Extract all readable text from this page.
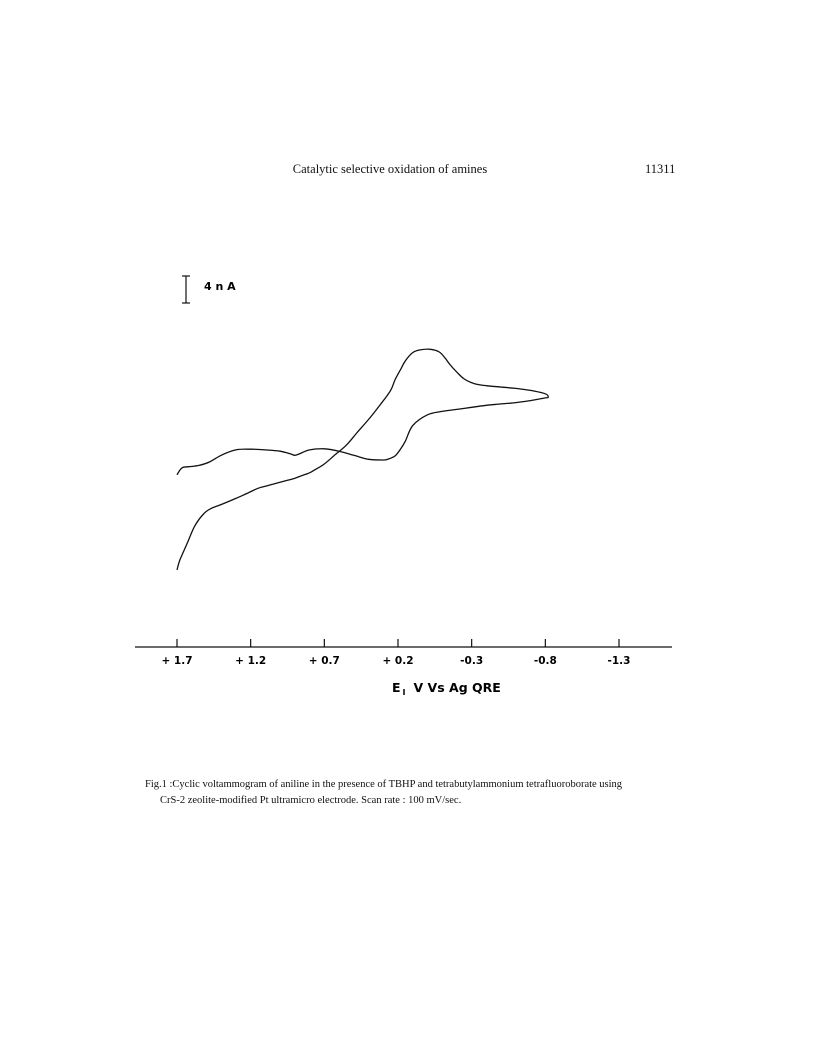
Catalytic selective oxidation of amines	11311
4 n A
+ 1.7	+ 1.2	+ 0.7	+ 0.2	-0.3	-0.8	-1.3
E $_I$ V Vs Ag QRE
Fig.1 :Cyclic voltammogram of aniline in the presence of TBHP and tetrabutylammonium tetrafluoroborate using
CrS-2 zeolite-modified Pt ultramicro electrode. Scan rate : 100 mV/sec.
